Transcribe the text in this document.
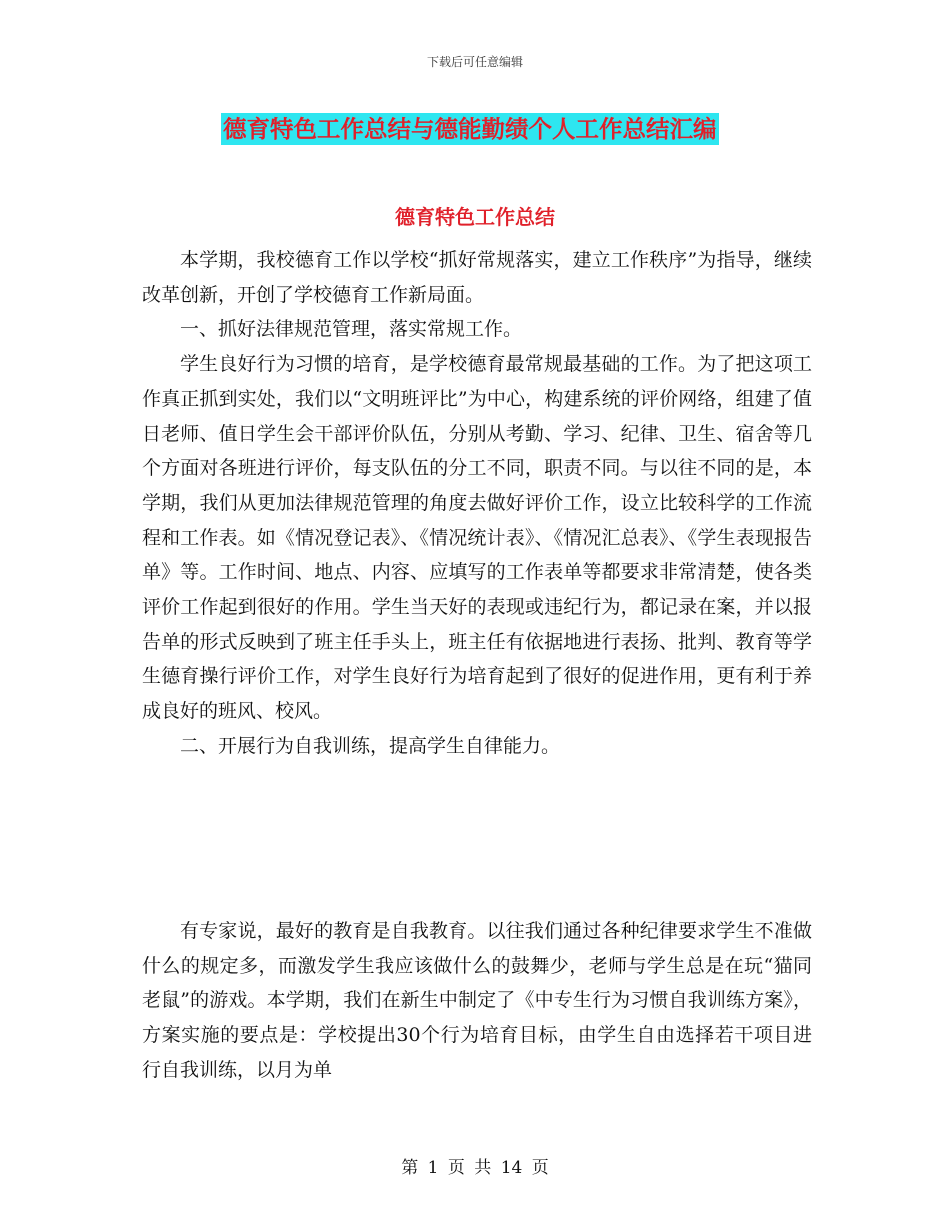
下载后可任意编辑
德育特色工作总结与德能勤绩个人工作总结汇编
德育特色工作总结

本学期，我校德育工作以学校“抓好常规落实，建立工作秩序”为指导，继续改革创新，开创了学校德育工作新局面。

一、抓好法律规范管理，落实常规工作。

学生良好行为习惯的培育，是学校德育最常规最基础的工作。为了把这项工作真正抓到实处，我们以“文明班评比”为中心，构建系统的评价网络，组建了值日老师、值日学生会干部评价队伍，分别从考勤、学习、纪律、卫生、宿舍等几个方面对各班进行评价，每支队伍的分工不同，职责不同。与以往不同的是，本学期，我们从更加法律规范管理的角度去做好评价工作，设立比较科学的工作流程和工作表。如《情况登记表》、《情况统计表》、《情况汇总表》、《学生表现报告单》等。工作时间、地点、内容、应填写的工作表单等都要求非常清楚，使各类评价工作起到很好的作用。学生当天好的表现或违纪行为，都记录在案，并以报告单的形式反映到了班主任手头上，班主任有依据地进行表扬、批判、教育等学生德育操行评价工作，对学生良好行为培育起到了很好的促进作用，更有利于养成良好的班风、校风。

二、开展行为自我训练，提高学生自律能力。

有专家说，最好的教育是自我教育。以往我们通过各种纪律要求学生不准做什么的规定多，而激发学生我应该做什么的鼓舞少，老师与学生总是在玩“猫同老鼠”的游戏。本学期，我们在新生中制定了《中专生行为习惯自我训练方案》，方案实施的要点是：学校提出30个行为培育目标，由学生自由选择若干项目进行自我训练，以月为单

第 1 页 共 14 页
